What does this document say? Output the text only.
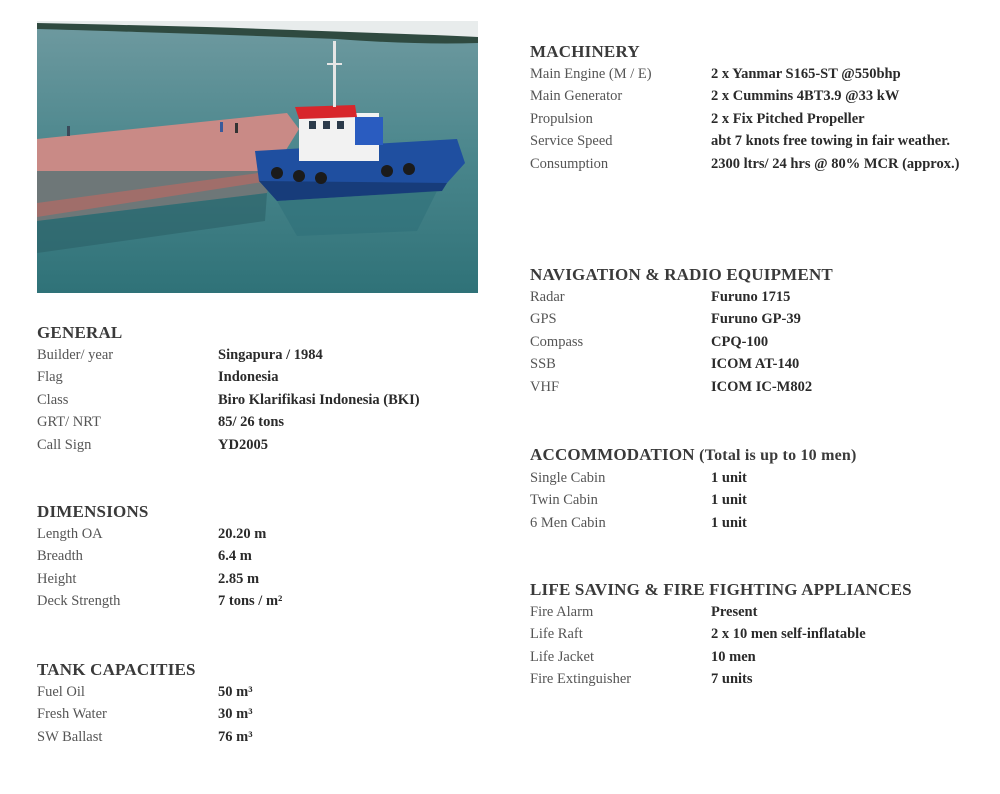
GENERAL
Builder/ year	Singapura / 1984
Flag	Indonesia
Class	Biro Klarifikasi Indonesia (BKI)
GRT/ NRT	85/ 26 tons
Call Sign	YD2005
DIMENSIONS
Length OA	20.20 m
Breadth	6.4 m
Height	2.85 m
Deck Strength	7 tons / m²
TANK CAPACITIES
Fuel Oil	50 m³
Fresh Water	30 m³
SW Ballast	76 m³
MACHINERY
Main Engine (M / E)	2 x Yanmar S165-ST @550bhp
Main Generator	2 x Cummins 4BT3.9 @33 kW
Propulsion	2 x Fix Pitched Propeller
Service Speed	abt 7 knots free towing in fair weather.
Consumption	2300 ltrs/ 24 hrs @ 80% MCR (approx.)
NAVIGATION & RADIO EQUIPMENT
Radar	Furuno 1715
GPS	Furuno GP-39
Compass	CPQ-100
SSB	ICOM AT-140
VHF	ICOM IC-M802
ACCOMMODATION (Total is up to 10 men)
Single Cabin	1 unit
Twin Cabin	1 unit
6 Men Cabin	1 unit
LIFE SAVING & FIRE FIGHTING APPLIANCES
Fire Alarm	Present
Life Raft	2 x 10 men self-inflatable
Life Jacket	10 men
Fire Extinguisher	7 units
